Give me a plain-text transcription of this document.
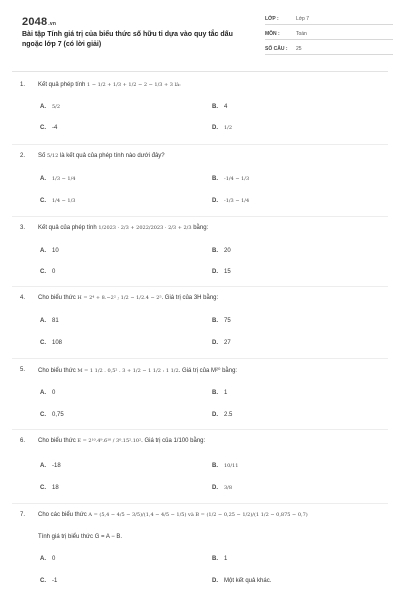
2048.vn
Bài tập Tính giá trị của biểu thức số hữu tỉ dựa vào quy tắc dấu ngoặc lớp 7 (có lời giải)
LỚP :	Lớp 7
MÔN :	Toán
SỐ CÂU : 25
1. Kết quả phép tính 1 − 1/2 + 1/3 + 1/2 − 2 − 1/3 + 3 là:
A. 5/2	B. 4
C. -4	D. 1/2
2. Số 5/12 là kết quả của phép tính nào dưới đây?
A. 1/3 − 1/4	B. -1/4 − 1/3
C. 1/4 − 1/3	D. -1/3 − 1/4
3. Kết quả của phép tính 1/2023 · 2/3 + 2022/2023 · 2/3 + 2/3 bằng:
A. 10	B. 20
C. 0	D. 15
4. Cho biểu thức H = 2⁴ + 8.−2² ; 1/2 − 1/2.4 − 2⁵. Giá trị của 3H bằng:
A. 81	B. 75
C. 108	D. 27
5. Cho biểu thức M = 1 1/2 . 0,5² . 3 + 1/2 − 1 1/2 : 1 1/2. Giá trị của M²⁰ bằng:
A. 0	B. 1
C. 0,75	D. 2.5
6. Cho biểu thức E = 2¹⁰.4⁹.6¹⁰ / 3⁰.15².10². Giá trị của 1/100 bằng:
A. -18	B. 10/11
C. 18	D. 3/8
7. Cho các biểu thức A = (5,4 − 4/5 − 3/5)/(1,4 − 4/5 − 1/5) và B = (1/2 − 0,25 − 1/2)/(1 1/2 − 0,875 − 0,7)
Tính giá trị biểu thức G = A − B.
A. 0	B. 1
C. -1	D. Một kết quả khác.
